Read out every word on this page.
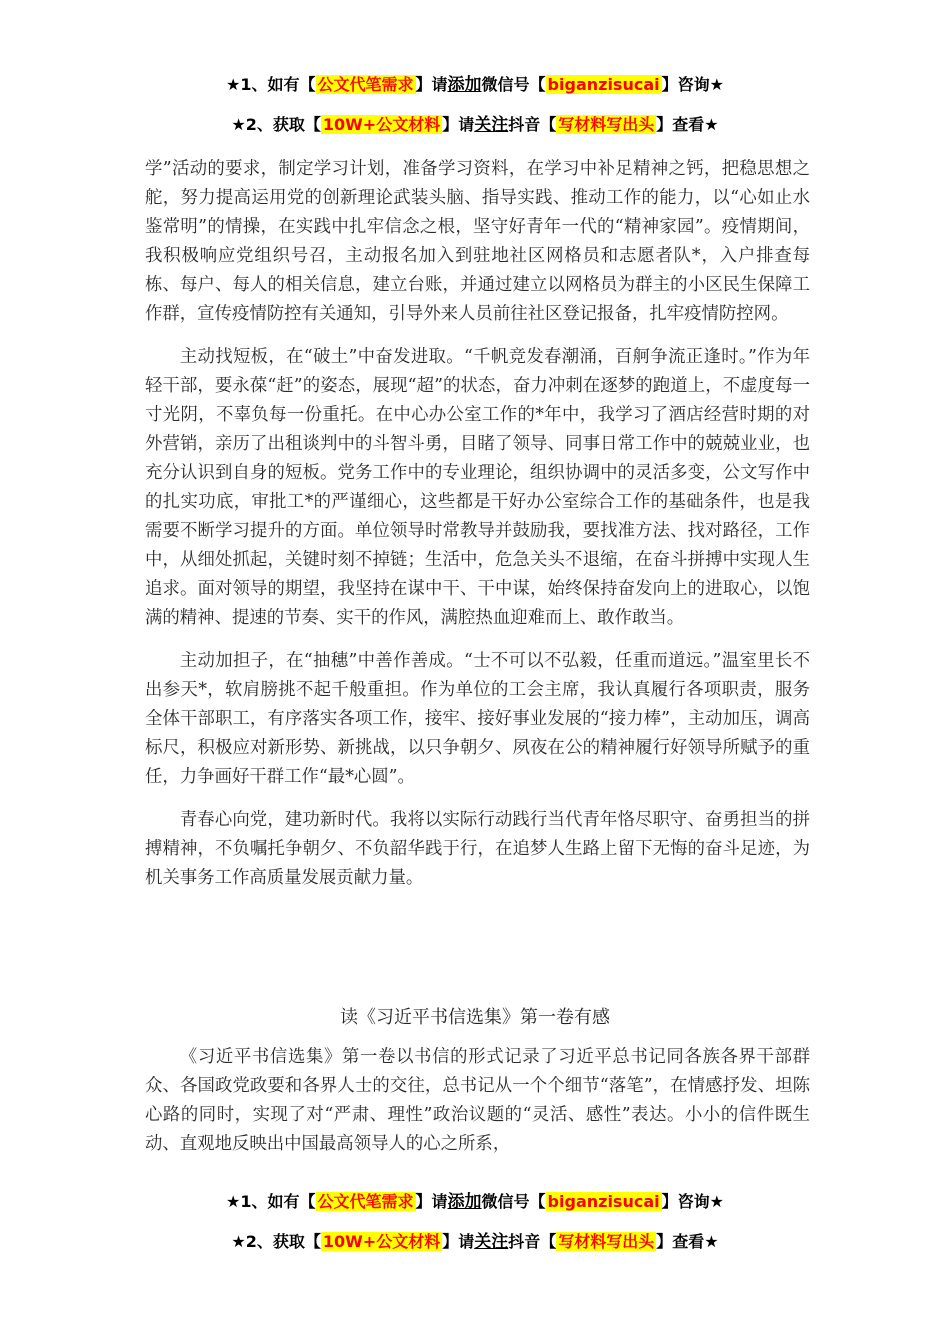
★1、如有【 公文代笔需求 】请添加微信号【 biganzisucai 】咨询★
★2、获取【 10W+公文材料 】请关注抖音【 写材料写出头 】查看★

学”活动的要求，制定学习计划，准备学习资料，在学习中补足精神之钙，把稳思想之舵，努力提高运用党的创新理论武装头脑、指导实践、推动工作的能力，以“心如止水鉴常明”的情操，在实践中扎牢信念之根，坚守好青年一代的“精神家园”。疫情期间，我积极响应党组织号召，主动报名加入到驻地社区网格员和志愿者队*，入户排查每栋、每户、每人的相关信息，建立台账，并通过建立以网格员为群主的小区民生保障工作群，宣传疫情防控有关通知，引导外来人员前往社区登记报备，扎牢疫情防控网。

主动找短板，在“破土”中奋发进取。“千帆竞发春潮涌，百舸争流正逢时。”作为年轻干部，要永葆“赶”的姿态，展现“超”的状态，奋力冲刺在逐梦的跑道上，不虚度每一寸光阴，不辜负每一份重托。在中心办公室工作的*年中，我学习了酒店经营时期的对外营销，亲历了出租谈判中的斗智斗勇，目睹了领导、同事日常工作中的兢兢业业，也充分认识到自身的短板。党务工作中的专业理论，组织协调中的灵活多变，公文写作中的扎实功底，审批工*的严谨细心，这些都是干好办公室综合工作的基础条件，也是我需要不断学习提升的方面。单位领导时常教导并鼓励我，要找准方法、找对路径，工作中，从细处抓起，关键时刻不掉链；生活中，危急关头不退缩，在奋斗拼搏中实现人生追求。面对领导的期望，我坚持在谋中干、干中谋，始终保持奋发向上的进取心，以饱满的精神、提速的节奏、实干的作风，满腔热血迎难而上、敢作敢当。

主动加担子，在“抽穗”中善作善成。“士不可以不弘毅，任重而道远。”温室里长不出参天*，软肩膀挑不起千般重担。作为单位的工会主席，我认真履行各项职责，服务全体干部职工，有序落实各项工作，接牢、接好事业发展的“接力棒”，主动加压，调高标尺，积极应对新形势、新挑战，以只争朝夕、夙夜在公的精神履行好领导所赋予的重任，力争画好干群工作“最*心圆”。

青春心向党，建功新时代。我将以实际行动践行当代青年恪尽职守、奋勇担当的拼搏精神，不负嘱托争朝夕、不负韶华践于行，在追梦人生路上留下无悔的奋斗足迹，为机关事务工作高质量发展贡献力量。

读《习近平书信选集》第一卷有感

《习近平书信选集》第一卷以书信的形式记录了习近平总书记同各族各界干部群众、各国政党政要和各界人士的交往，总书记从一个个细节“落笔”，在情感抒发、坦陈心路的同时，实现了对“严肃、理性”政治议题的“灵活、感性”表达。小小的信件既生动、直观地反映出中国最高领导人的心之所系，

★1、如有【 公文代笔需求 】请添加微信号【 biganzisucai 】咨询★
★2、获取【 10W+公文材料 】请关注抖音【 写材料写出头 】查看★
